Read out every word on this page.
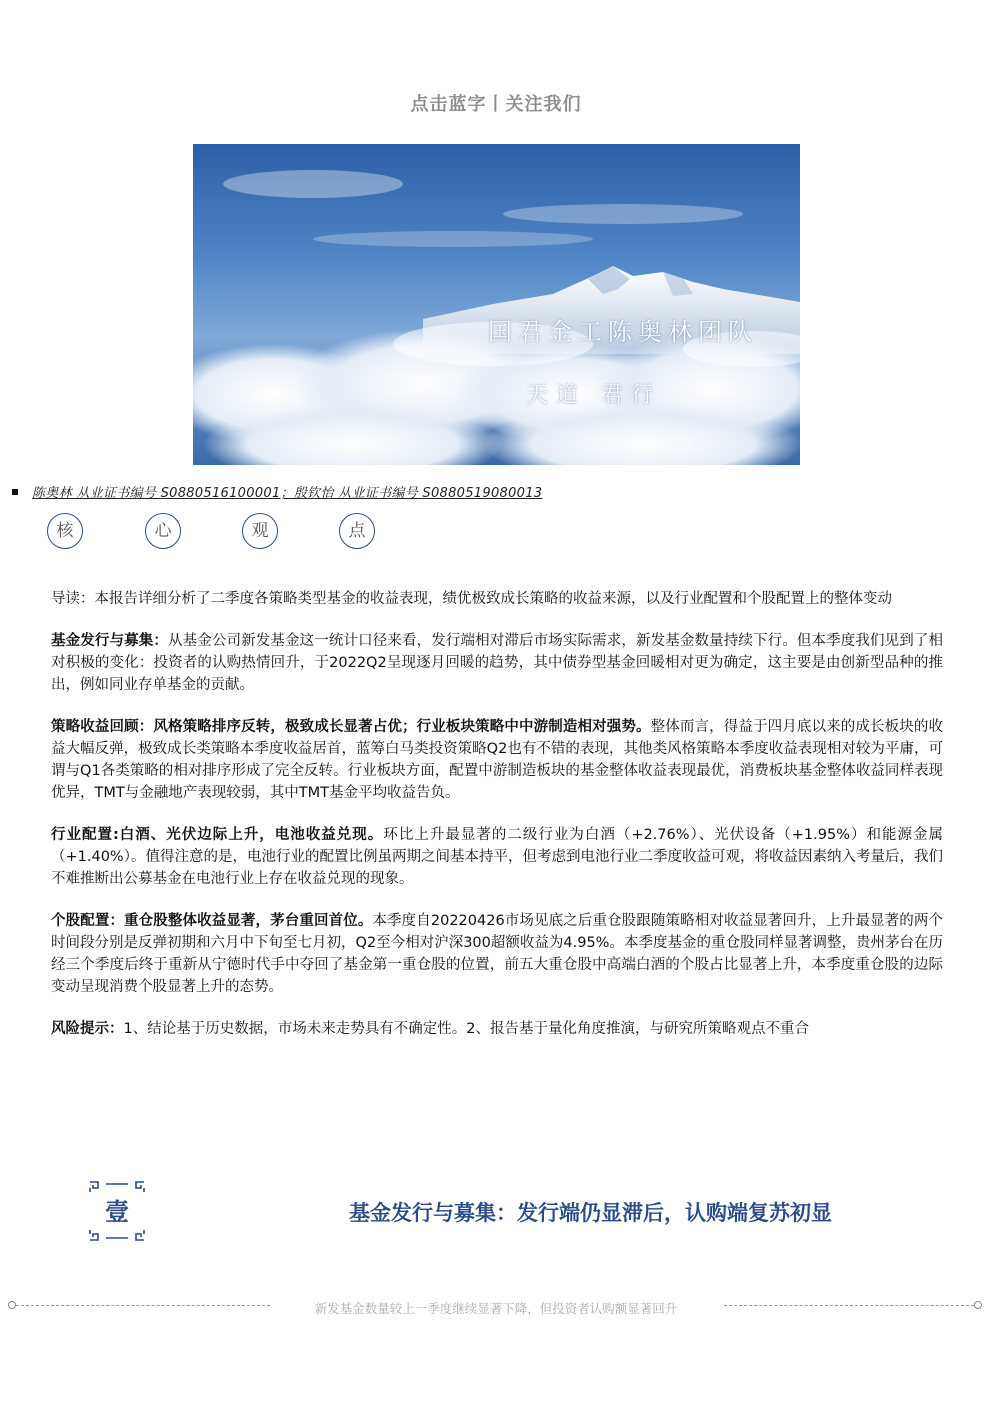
点击蓝字丨关注我们
国君金工陈奥林团队
天道 君行
陈奥林 从业证书编号 S0880516100001；殷钦怡 从业证书编号 S0880519080013
核	心	观	点

导读：本报告详细分析了二季度各策略类型基金的收益表现，绩优极致成长策略的收益来源，以及行业配置和个股配置上的整体变动

基金发行与募集：从基金公司新发基金这一统计口径来看，发行端相对滞后市场实际需求，新发基金数量持续下行。但本季度我们见到了相对积极的变化：投资者的认购热情回升，于2022Q2呈现逐月回暖的趋势，其中债券型基金回暖相对更为确定，这主要是由创新型品种的推出，例如同业存单基金的贡献。

策略收益回顾：风格策略排序反转，极致成长显著占优；行业板块策略中中游制造相对强势。整体而言，得益于四月底以来的成长板块的收益大幅反弹，极致成长类策略本季度收益居首，蓝筹白马类投资策略Q2也有不错的表现，其他类风格策略本季度收益表现相对较为平庸，可谓与Q1各类策略的相对排序形成了完全反转。行业板块方面，配置中游制造板块的基金整体收益表现最优，消费板块基金整体收益同样表现优异，TMT与金融地产表现较弱，其中TMT基金平均收益告负。

行业配置:白酒、光伏边际上升，电池收益兑现。环比上升最显著的二级行业为白酒（+2.76%）、光伏设备（+1.95%）和能源金属（+1.40%）。值得注意的是，电池行业的配置比例虽两期之间基本持平，但考虑到电池行业二季度收益可观，将收益因素纳入考量后，我们不难推断出公募基金在电池行业上存在收益兑现的现象。

个股配置：重仓股整体收益显著，茅台重回首位。本季度自20220426市场见底之后重仓股跟随策略相对收益显著回升，上升最显著的两个时间段分别是反弹初期和六月中下旬至七月初，Q2至今相对沪深300超额收益为4.95%。本季度基金的重仓股同样显著调整，贵州茅台在历经三个季度后终于重新从宁德时代手中夺回了基金第一重仓股的位置，前五大重仓股中高端白酒的个股占比显著上升，本季度重仓股的边际变动呈现消费个股显著上升的态势。

风险提示：1、结论基于历史数据，市场未来走势具有不确定性。2、报告基于量化角度推演，与研究所策略观点不重合

壹	基金发行与募集：发行端仍显滞后，认购端复苏初显
新发基金数量较上一季度继续显著下降，但投资者认购额显著回升
